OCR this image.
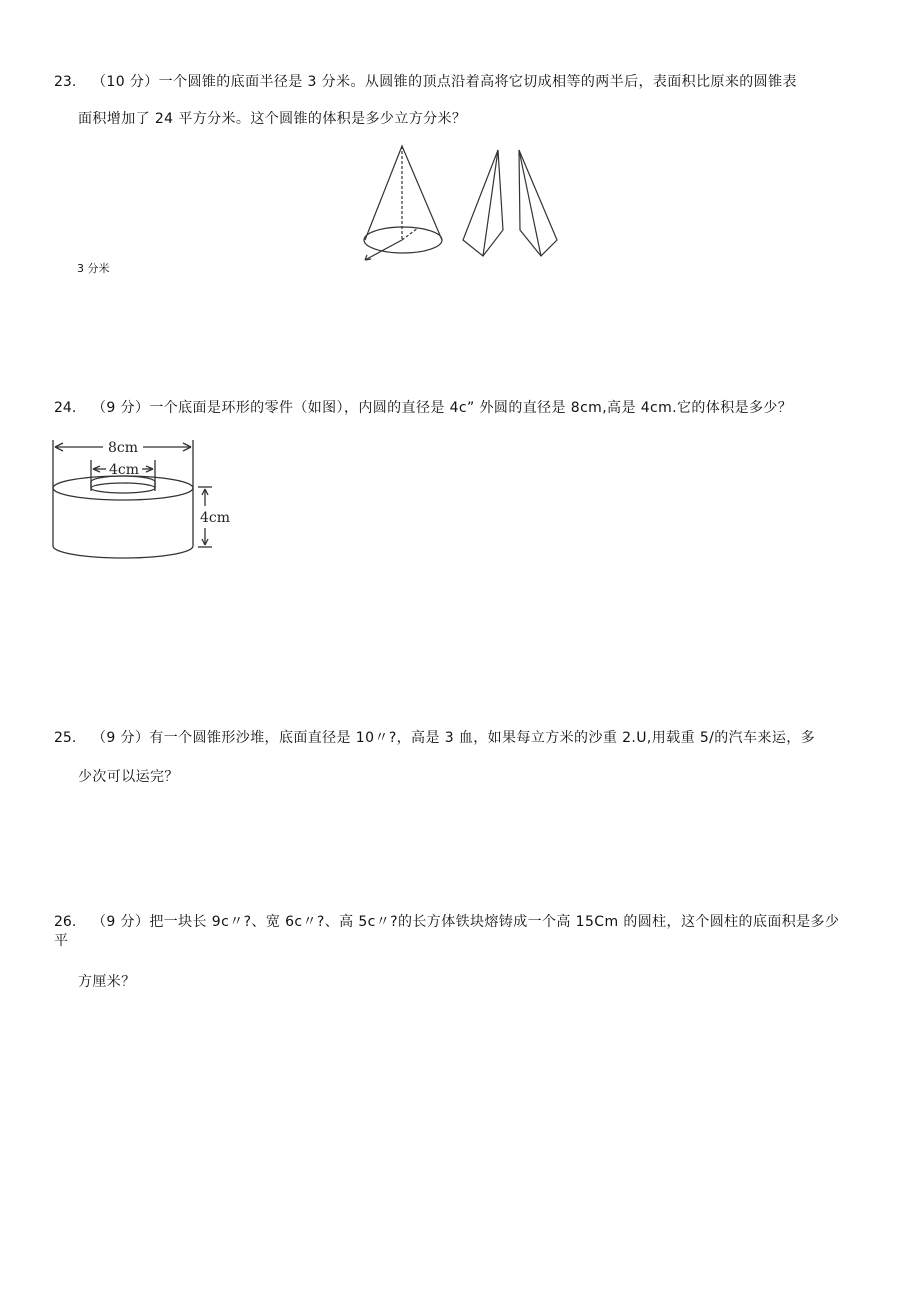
23. （10 分）一个圆锥的底面半径是 3 分米。从圆锥的顶点沿着高将它切成相等的两半后，表面积比原来的圆锥表
面积增加了 24 平方分米。这个圆锥的体积是多少立方分米？
3 分米
24. （9 分）一个底面是环形的零件（如图），内圆的直径是 4c” 外圆的直径是 8cm,高是 4cm.它的体积是多少？
8cm
4cm
4cm
25. （9 分）有一个圆锥形沙堆，底面直径是 10〃?，高是 3 血，如果每立方米的沙重 2.U,用载重 5/的汽车来运，多
少次可以运完？
26. （9 分）把一块长 9c〃?、宽 6c〃?、高 5c〃?的长方体铁块熔铸成一个高 15Cm 的圆柱，这个圆柱的底面积是多少
平
方厘米？
